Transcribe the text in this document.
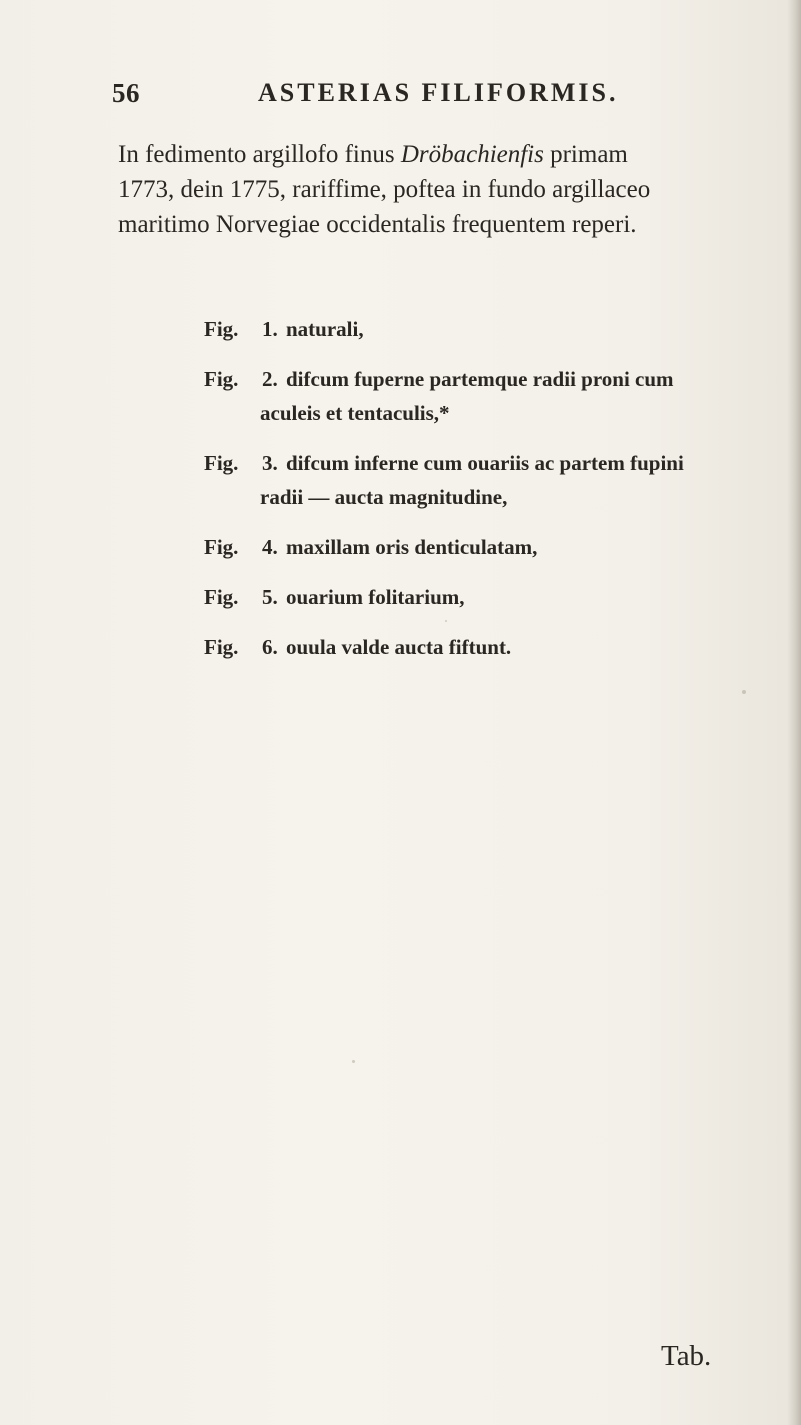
56	ASTERIAS FILIFORMIS.

In fedimento argillofo finus Dröbachienfis primam

1773, dein 1775, rariffime, poftea in fundo argillaceo

maritimo Norvegiae occidentalis frequentem reperi.

Fig.	1. naturali,
Fig.	2. difcum fuperne partemque radii proni cum
aculeis et tentaculis,*
Fig.	3. difcum inferne cum ouariis ac partem fupini
radii — aucta magnitudine,
Fig.	4. maxillam oris denticulatam,
Fig.	5. ouarium folitarium,
Fig.	6. ouula valde aucta fiftunt.
Tab.
